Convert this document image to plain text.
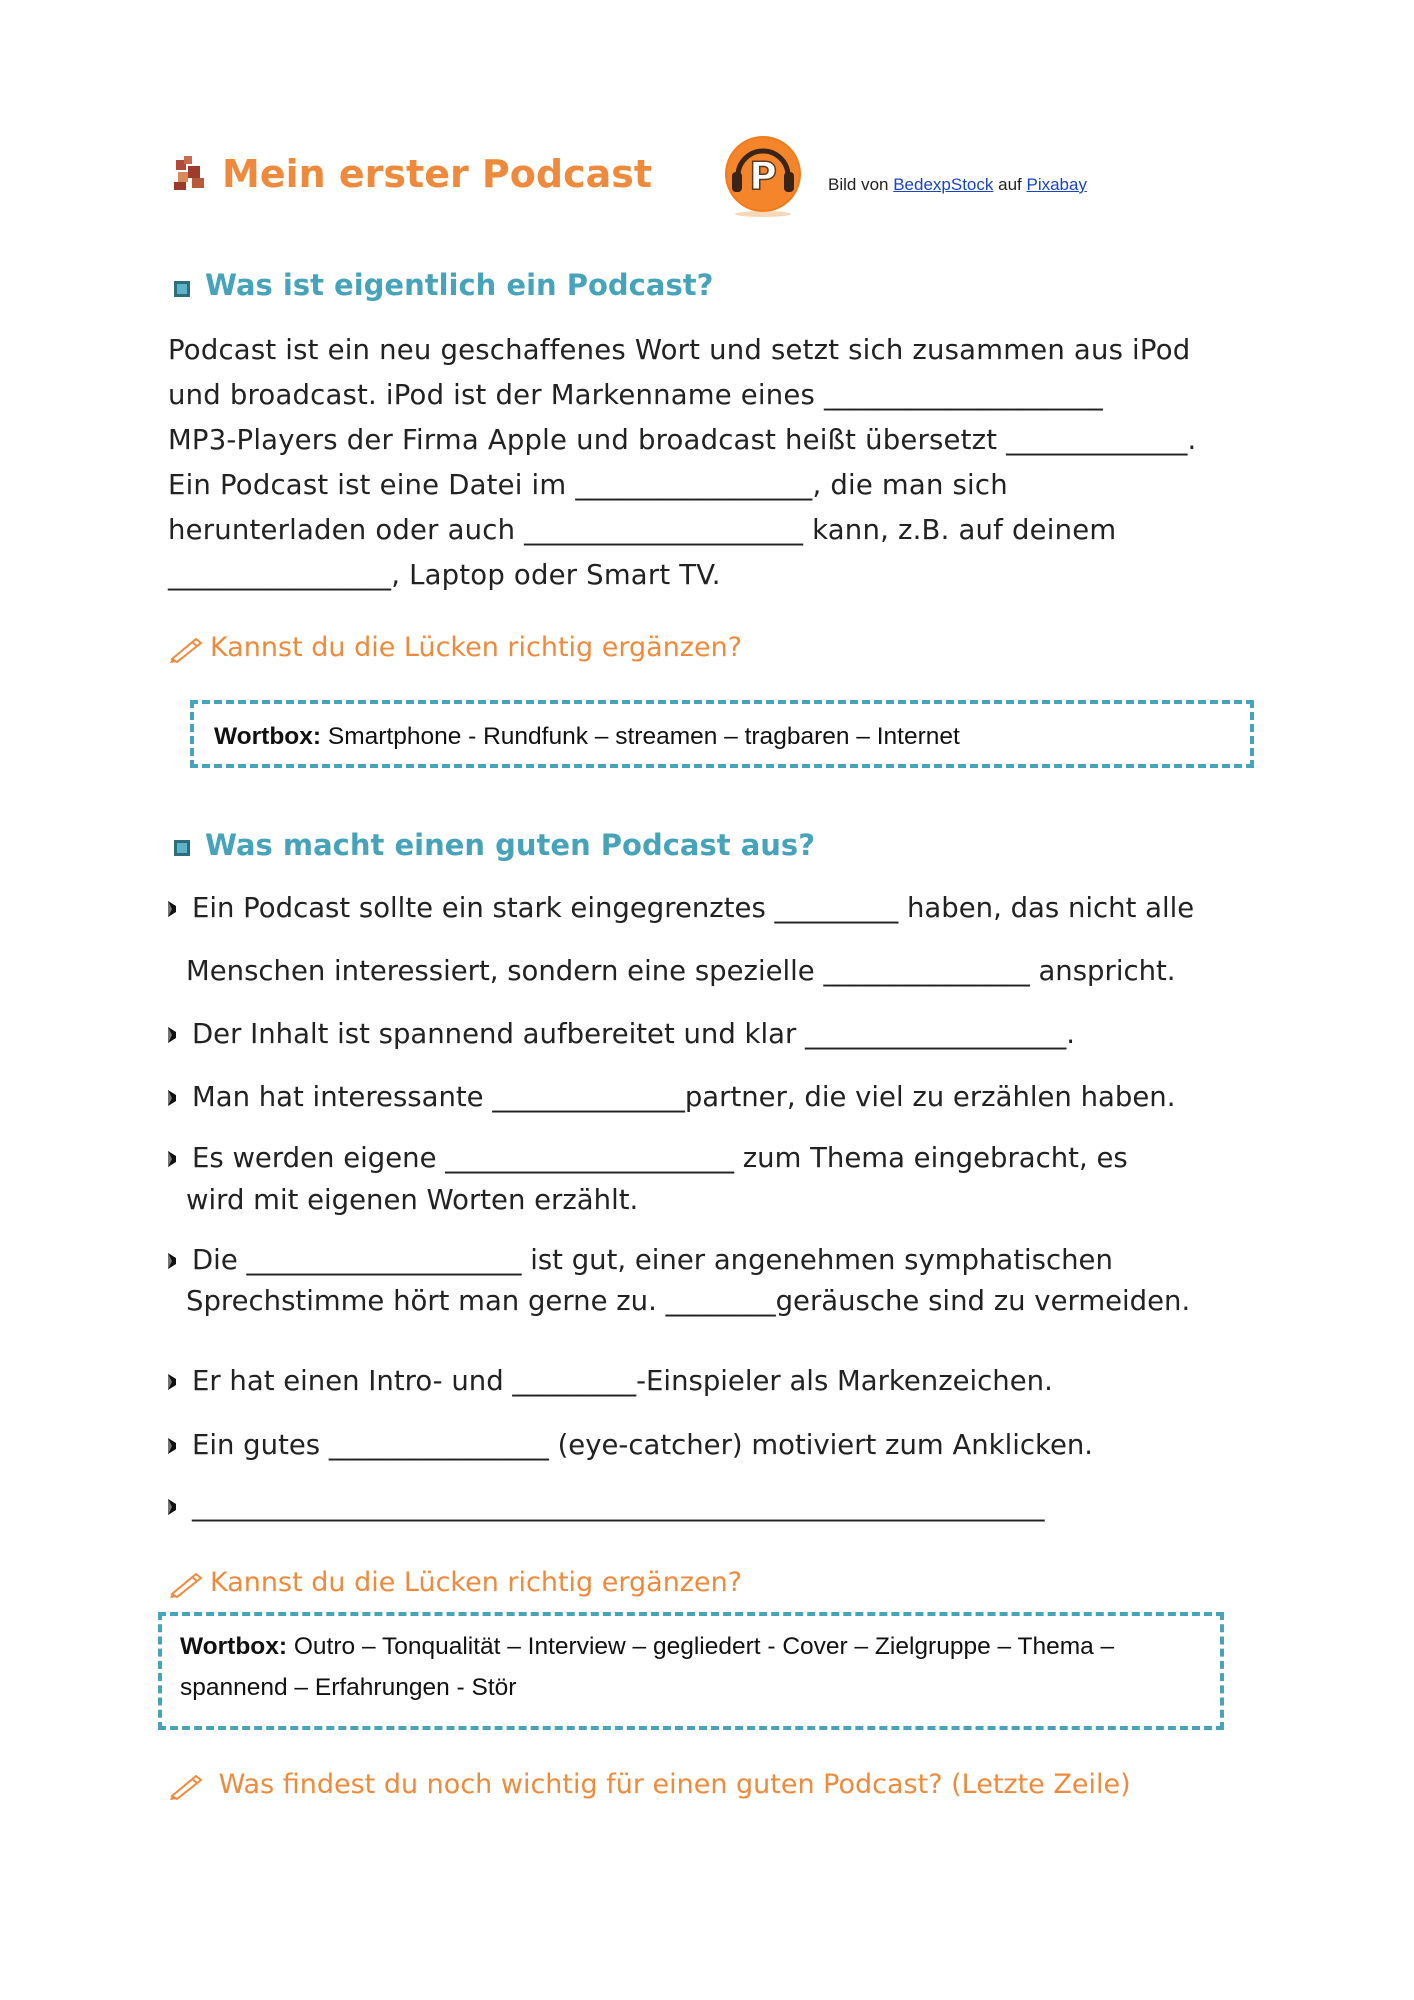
Mein erster Podcast	P	Bild von BedexpStock auf Pixabay
Was ist eigentlich ein Podcast?
Podcast ist ein neu geschaffenes Wort und setzt sich zusammen aus iPod
und broadcast. iPod ist der Markenname eines ____________________
MP3-Players der Firma Apple und broadcast heißt übersetzt _____________.
Ein Podcast ist eine Datei im _________________, die man sich
herunterladen oder auch ____________________ kann, z.B. auf deinem
________________, Laptop oder Smart TV.
Kannst du die Lücken richtig ergänzen?
Wortbox: Smartphone - Rundfunk – streamen – tragbaren – Internet
Was macht einen guten Podcast aus?
Ein Podcast sollte ein stark eingegrenztes _________ haben, das nicht alle
Menschen interessiert, sondern eine spezielle _______________ anspricht.
Der Inhalt ist spannend aufbereitet und klar ___________________.
Man hat interessante ______________partner, die viel zu erzählen haben.
Es werden eigene _____________________ zum Thema eingebracht, es
wird mit eigenen Worten erzählt.
Die ____________________ ist gut, einer angenehmen symphatischen
Sprechstimme hört man gerne zu. ________geräusche sind zu vermeiden.
Er hat einen Intro- und _________-Einspieler als Markenzeichen.
Ein gutes ________________ (eye-catcher) motiviert zum Anklicken.
______________________________________________________________
Kannst du die Lücken richtig ergänzen?
Wortbox: Outro – Tonqualität – Interview – gegliedert - Cover – Zielgruppe – Thema –
spannend – Erfahrungen - Stör
Was findest du noch wichtig für einen guten Podcast? (Letzte Zeile)
